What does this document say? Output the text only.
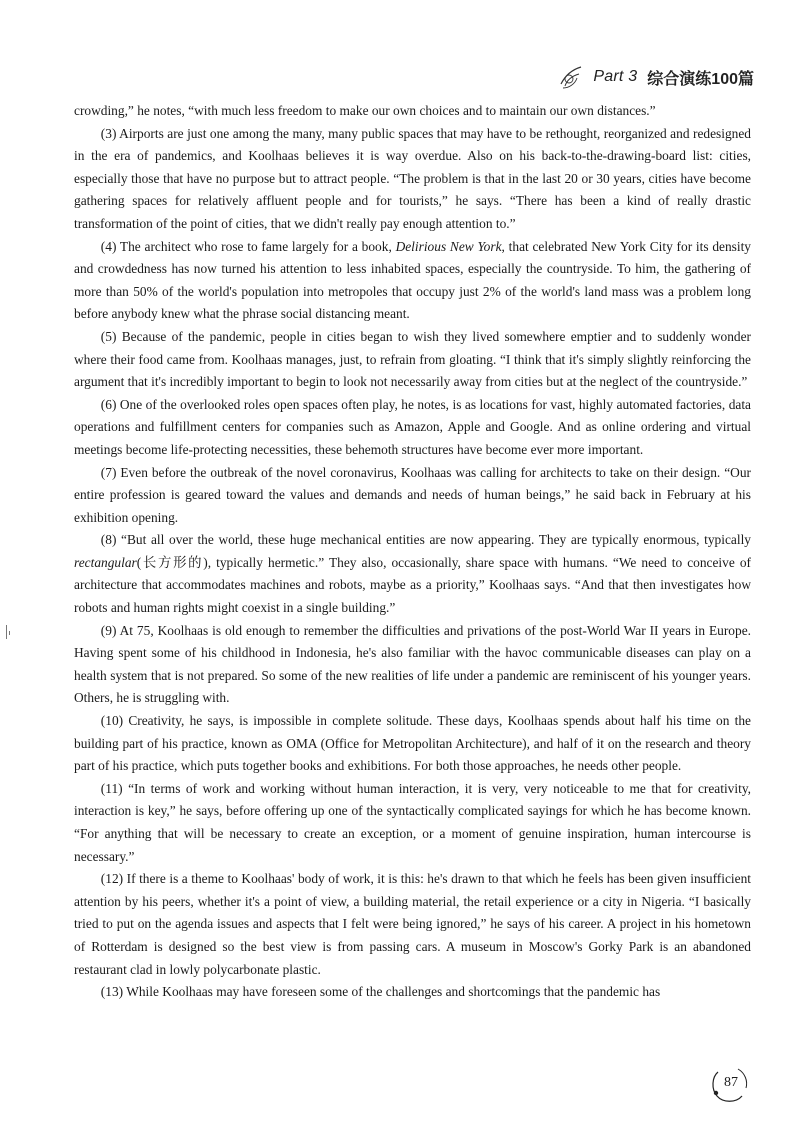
Part 3 综合演练100篇

crowding,” he notes, “with much less freedom to make our own choices and to maintain our own distances.”

(3) Airports are just one among the many, many public spaces that may have to be rethought, reorganized and redesigned in the era of pandemics, and Koolhaas believes it is way overdue. Also on his back-to-the-drawing-board list: cities, especially those that have no purpose but to attract people. “The problem is that in the last 20 or 30 years, cities have become gathering spaces for relatively affluent people and for tourists,” he says. “There has been a kind of really drastic transformation of the point of cities, that we didn't really pay enough attention to.”

(4) The architect who rose to fame largely for a book, Delirious New York, that celebrated New York City for its density and crowdedness has now turned his attention to less inhabited spaces, especially the countryside. To him, the gathering of more than 50% of the world's population into metropoles that occupy just 2% of the world's land mass was a problem long before anybody knew what the phrase social distancing meant.

(5) Because of the pandemic, people in cities began to wish they lived somewhere emptier and to suddenly wonder where their food came from. Koolhaas manages, just, to refrain from gloating. “I think that it's simply slightly reinforcing the argument that it's incredibly important to begin to look not necessarily away from cities but at the neglect of the countryside.”

(6) One of the overlooked roles open spaces often play, he notes, is as locations for vast, highly automated factories, data operations and fulfillment centers for companies such as Amazon, Apple and Google. And as online ordering and virtual meetings become life-protecting necessities, these behemoth structures have become ever more important.

(7) Even before the outbreak of the novel coronavirus, Koolhaas was calling for architects to take on their design. “Our entire profession is geared toward the values and demands and needs of human beings,” he said back in February at his exhibition opening.

(8) “But all over the world, these huge mechanical entities are now appearing. They are typically enormous, typically rectangular(长方形的), typically hermetic.” They also, occasionally, share space with humans. “We need to conceive of architecture that accommodates machines and robots, maybe as a priority,” Koolhaas says. “And that then investigates how robots and human rights might coexist in a single building.”

(9) At 75, Koolhaas is old enough to remember the difficulties and privations of the post-World War II years in Europe. Having spent some of his childhood in Indonesia, he's also familiar with the havoc communicable diseases can play on a health system that is not prepared. So some of the new realities of life under a pandemic are reminiscent of his younger years. Others, he is struggling with.

(10) Creativity, he says, is impossible in complete solitude. These days, Koolhaas spends about half his time on the building part of his practice, known as OMA (Office for Metropolitan Architecture), and half of it on the research and theory part of his practice, which puts together books and exhibitions. For both those approaches, he needs other people.

(11) “In terms of work and working without human interaction, it is very, very noticeable to me that for creativity, interaction is key,” he says, before offering up one of the syntactically complicated sayings for which he has become known. “For anything that will be necessary to create an exception, or a moment of genuine inspiration, human intercourse is necessary.”

(12) If there is a theme to Koolhaas' body of work, it is this: he's drawn to that which he feels has been given insufficient attention by his peers, whether it's a point of view, a building material, the retail experience or a city in Nigeria. “I basically tried to put on the agenda issues and aspects that I felt were being ignored,” he says of his career. A project in his hometown of Rotterdam is designed so the best view is from passing cars. A museum in Moscow's Gorky Park is an abandoned restaurant clad in lowly polycarbonate plastic.

(13) While Koolhaas may have foreseen some of the challenges and shortcomings that the pandemic has

87
